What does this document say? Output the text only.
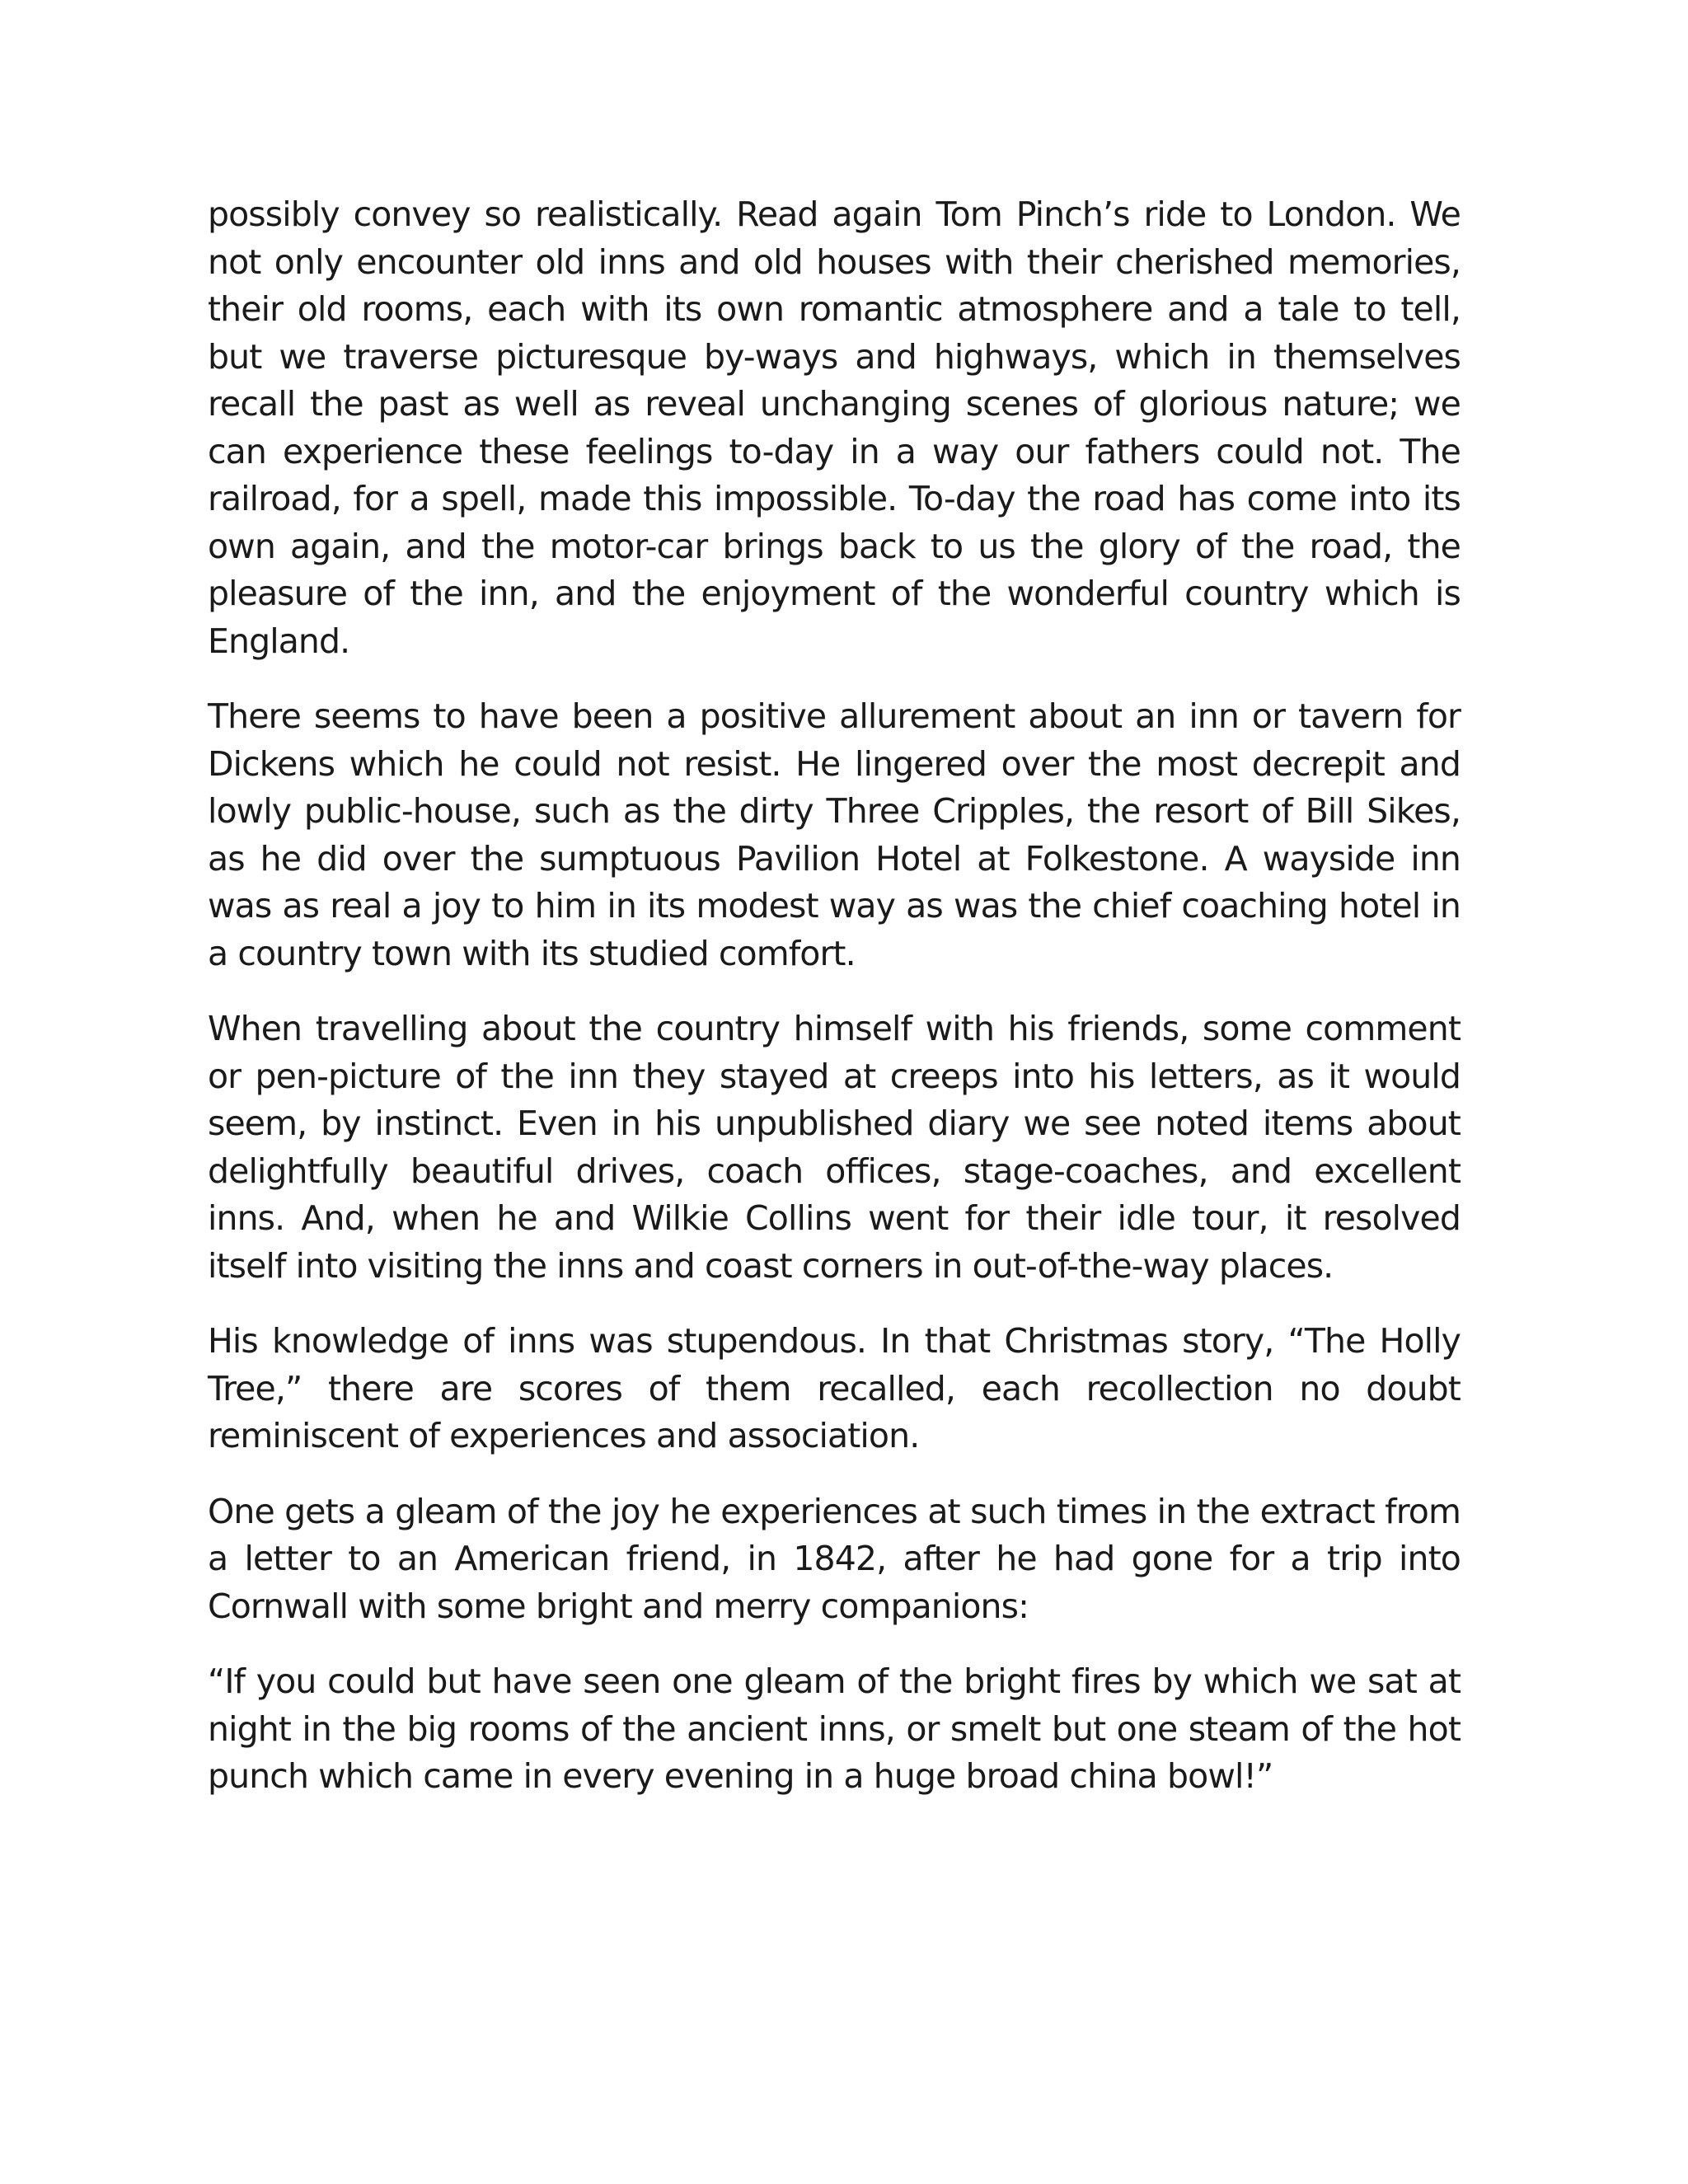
possibly convey so realistically. Read again Tom Pinch’s ride to London. We not only encounter old inns and old houses with their cherished memories, their old rooms, each with its own romantic atmosphere and a tale to tell, but we traverse picturesque by-ways and highways, which in themselves recall the past as well as reveal unchanging scenes of glorious nature; we can experience these feelings to-day in a way our fathers could not. The railroad, for a spell, made this impossible. To-day the road has come into its own again, and the motor-car brings back to us the glory of the road, the pleasure of the inn, and the enjoyment of the wonderful country which is England.

There seems to have been a positive allurement about an inn or tavern for Dickens which he could not resist. He lingered over the most decrepit and lowly public-house, such as the dirty Three Cripples, the resort of Bill Sikes, as he did over the sumptuous Pavilion Hotel at Folkestone. A wayside inn was as real a joy to him in its modest way as was the chief coaching hotel in a country town with its studied comfort.

When travelling about the country himself with his friends, some comment or pen-picture of the inn they stayed at creeps into his letters, as it would seem, by instinct. Even in his unpublished diary we see noted items about delightfully beautiful drives, coach offices, stage-coaches, and excellent inns. And, when he and Wilkie Collins went for their idle tour, it resolved itself into visiting the inns and coast corners in out-of-the-way places.

His knowledge of inns was stupendous. In that Christmas story, “The Holly Tree,” there are scores of them recalled, each recollection no doubt reminiscent of experiences and association.

One gets a gleam of the joy he experiences at such times in the extract from a letter to an American friend, in 1842, after he had gone for a trip into Cornwall with some bright and merry companions:

“If you could but have seen one gleam of the bright fires by which we sat at night in the big rooms of the ancient inns, or smelt but one steam of the hot punch which came in every evening in a huge broad china bowl!”
